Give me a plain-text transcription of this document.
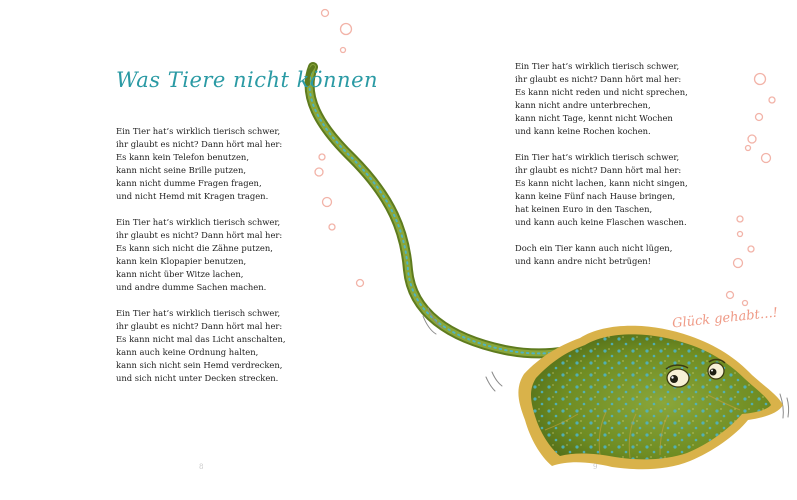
Was Tiere nicht können

Ein Tier hat’s wirklich tierisch schwer,
ihr glaubt es nicht? Dann hört mal her:
Es kann kein Telefon benutzen,
kann nicht seine Brille putzen,
kann nicht dumme Fragen fragen,
und nicht Hemd mit Kragen tragen.

Ein Tier hat’s wirklich tierisch schwer,
ihr glaubt es nicht? Dann hört mal her:
Es kann sich nicht die Zähne putzen,
kann kein Klopapier benutzen,
kann nicht über Witze lachen,
und andre dumme Sachen machen.

Ein Tier hat’s wirklich tierisch schwer,
ihr glaubt es nicht? Dann hört mal her:
Es kann nicht mal das Licht anschalten,
kann auch keine Ordnung halten,
kann sich nicht sein Hemd verdrecken,
und sich nicht unter Decken strecken.

Ein Tier hat’s wirklich tierisch schwer,
ihr glaubt es nicht? Dann hört mal her:
Es kann nicht reden und nicht sprechen,
kann nicht andre unterbrechen,
kann nicht Tage, kennt nicht Wochen
und kann keine Rochen kochen.

Ein Tier hat’s wirklich tierisch schwer,
ihr glaubt es nicht? Dann hört mal her:
Es kann nicht lachen, kann nicht singen,
kann keine Fünf nach Hause bringen,
hat keinen Euro in den Taschen,
und kann auch keine Flaschen waschen.

Doch ein Tier kann auch nicht lügen,
und kann andre nicht betrügen!

Glück gehabt…!

8	9
